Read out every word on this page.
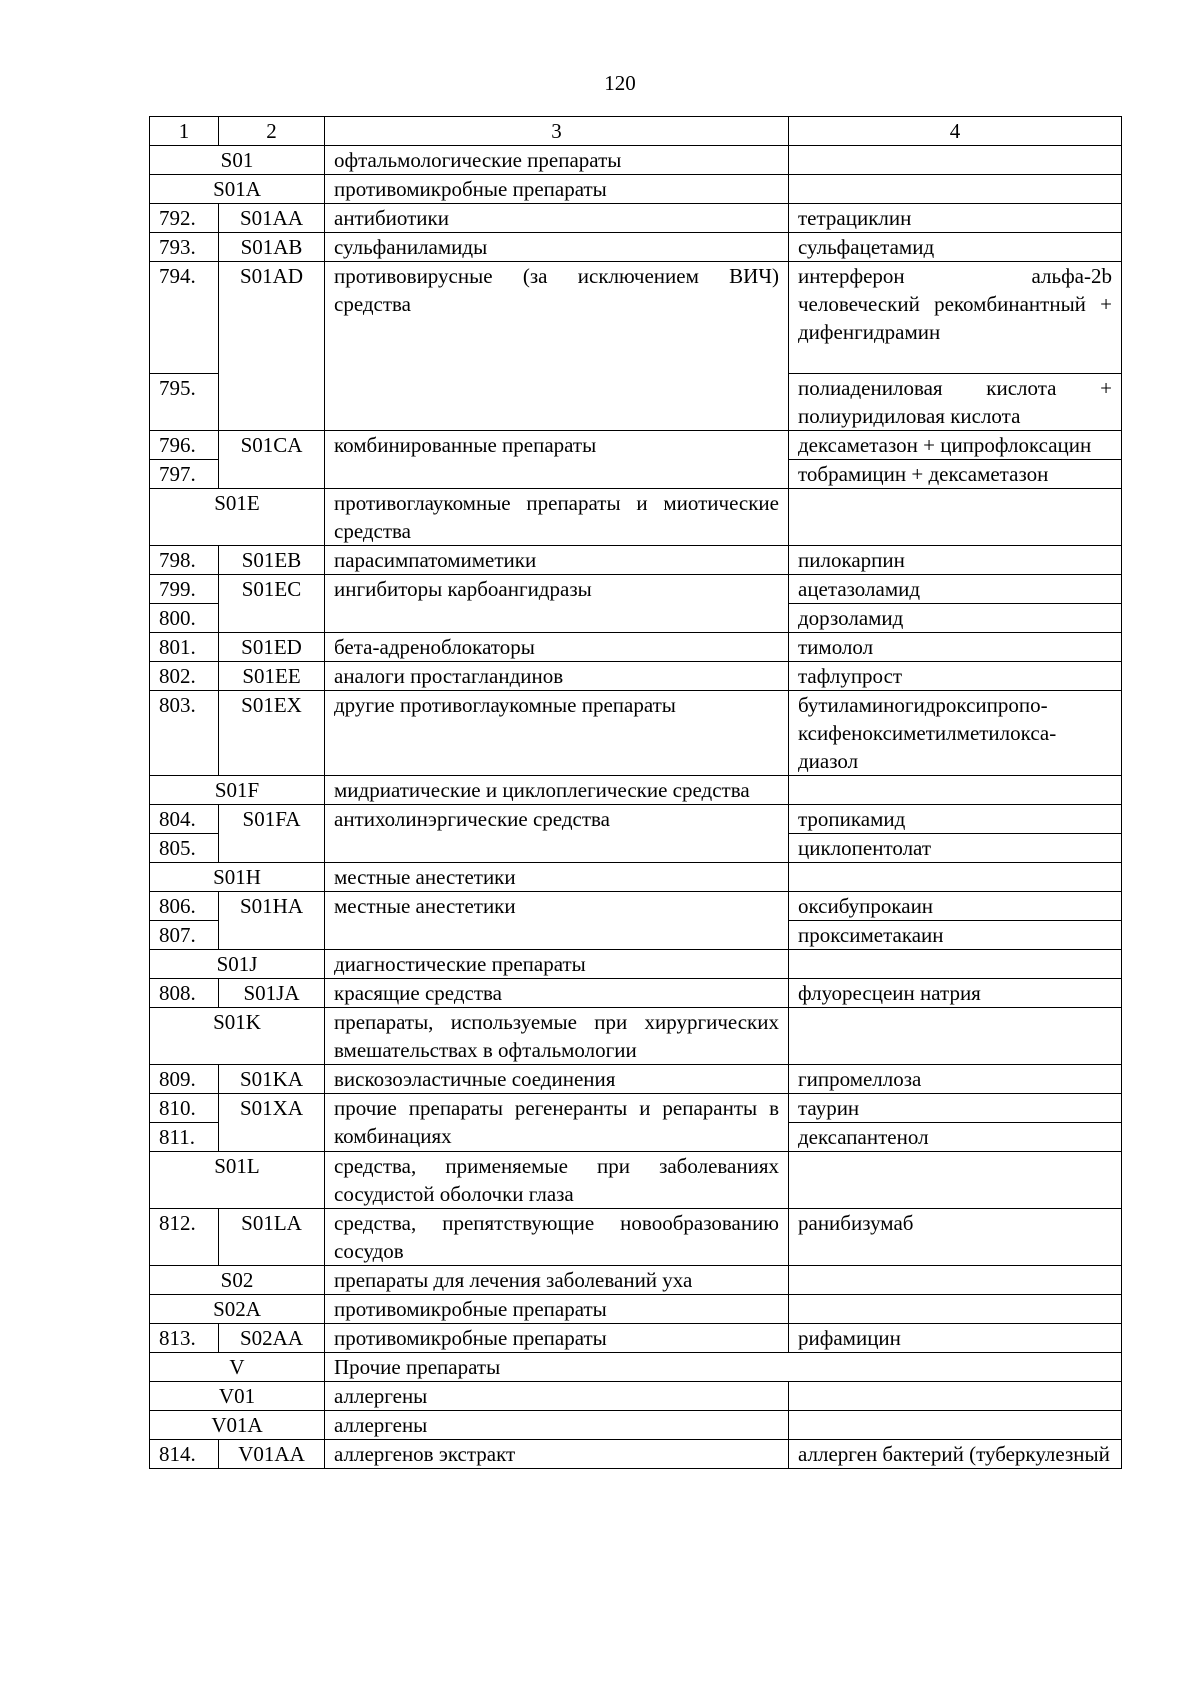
120
1	2	3	4
S01		офтальмологические препараты	
S01A		противомикробные препараты	
792.	S01AA	антибиотики	тетрациклин
793.	S01AB	сульфаниламиды	сульфацетамид
794.	S01AD	противовирусные (за исключением ВИЧ) средства	интерферон альфа-2b человеческий рекомбинантный + дифенгидрамин
795.			полиадениловая кислота + полиуридиловая кислота
796.	S01CA	комбинированные препараты	дексаметазон + ципрофлоксацин
797.			тобрамицин + дексаметазон
S01E		противоглаукомные препараты и миотические средства	
798.	S01EB	парасимпатомиметики	пилокарпин
799.	S01EC	ингибиторы карбоангидразы	ацетазоламид
800.			дорзоламид
801.	S01ED	бета-адреноблокаторы	тимолол
802.	S01EE	аналоги простагландинов	тафлупрост
803.	S01EX	другие противоглаукомные препараты	бутиламиногидроксипропо-ксифеноксиметилметилокса-диазол
S01F		мидриатические и циклоплегические средства	
804.	S01FA	антихолинэргические средства	тропикамид
805.			циклопентолат
S01H		местные анестетики	
806.	S01HA	местные анестетики	оксибупрокаин
807.			проксиметакаин
S01J		диагностические препараты	
808.	S01JA	красящие средства	флуоресцеин натрия
S01K		препараты, используемые при хирургических вмешательствах в офтальмологии	
809.	S01KA	вискозоэластичные соединения	гипромеллоза
810.	S01XA	прочие препараты регенеранты и репаранты в комбинациях	таурин
811.			дексапантенол
S01L		средства, применяемые при заболеваниях сосудистой оболочки глаза	
812.	S01LA	средства, препятствующие новообразованию сосудов	ранибизумаб
S02		препараты для лечения заболеваний уха	
S02A		противомикробные препараты	
813.	S02AA	противомикробные препараты	рифамицин
V		Прочие препараты	
V01		аллергены	
V01A		аллергены	
814.	V01AA	аллергенов экстракт	аллерген бактерий (туберкулезный
